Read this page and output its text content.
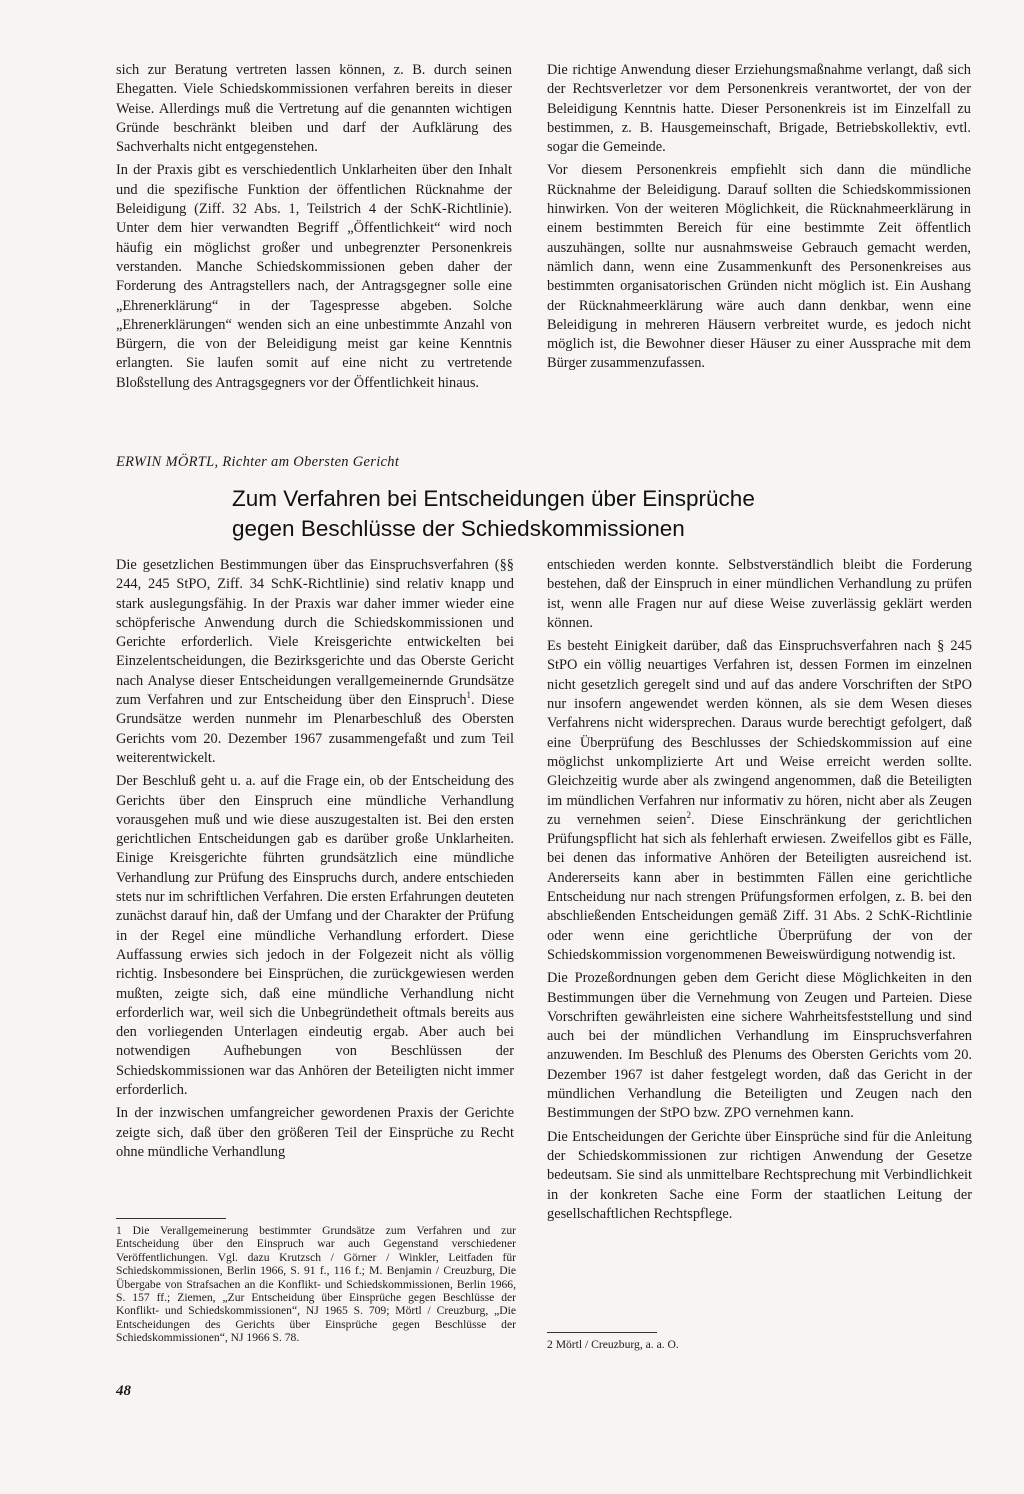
sich zur Beratung vertreten lassen können, z. B. durch seinen Ehegatten. Viele Schiedskommissionen verfahren bereits in dieser Weise. Allerdings muß die Vertretung auf die genannten wichtigen Gründe beschränkt bleiben und darf der Aufklärung des Sachverhalts nicht entgegenstehen.

In der Praxis gibt es verschiedentlich Unklarheiten über den Inhalt und die spezifische Funktion der öffentlichen Rücknahme der Beleidigung (Ziff. 32 Abs. 1, Teilstrich 4 der SchK-Richtlinie). Unter dem hier verwandten Begriff „Öffentlichkeit“ wird noch häufig ein möglichst großer und unbegrenzter Personenkreis verstanden. Manche Schiedskommissionen geben daher der Forderung des Antragstellers nach, der Antragsgegner solle eine „Ehrenerklärung“ in der Tagespresse abgeben. Solche „Ehrenerklärungen“ wenden sich an eine unbestimmte Anzahl von Bürgern, die von der Beleidigung meist gar keine Kenntnis erlangten. Sie laufen somit auf eine nicht zu vertretende Bloßstellung des Antragsgegners vor der Öffentlichkeit hinaus.

Die richtige Anwendung dieser Erziehungsmaßnahme verlangt, daß sich der Rechtsverletzer vor dem Personenkreis verantwortet, der von der Beleidigung Kenntnis hatte. Dieser Personenkreis ist im Einzelfall zu bestimmen, z. B. Hausgemeinschaft, Brigade, Betriebskollektiv, evtl. sogar die Gemeinde.

Vor diesem Personenkreis empfiehlt sich dann die mündliche Rücknahme der Beleidigung. Darauf sollten die Schiedskommissionen hinwirken. Von der weiteren Möglichkeit, die Rücknahmeerklärung in einem bestimmten Bereich für eine bestimmte Zeit öffentlich auszuhängen, sollte nur ausnahmsweise Gebrauch gemacht werden, nämlich dann, wenn eine Zusammenkunft des Personenkreises aus bestimmten organisatorischen Gründen nicht möglich ist. Ein Aushang der Rücknahmeerklärung wäre auch dann denkbar, wenn eine Beleidigung in mehreren Häusern verbreitet wurde, es jedoch nicht möglich ist, die Bewohner dieser Häuser zu einer Aussprache mit dem Bürger zusammenzufassen.

ERWIN MÖRTL, Richter am Obersten Gericht
Zum Verfahren bei Entscheidungen über Einsprüche
gegen Beschlüsse der Schiedskommissionen

Die gesetzlichen Bestimmungen über das Einspruchsverfahren (§§ 244, 245 StPO, Ziff. 34 SchK-Richtlinie) sind relativ knapp und stark auslegungsfähig. In der Praxis war daher immer wieder eine schöpferische Anwendung durch die Schiedskommissionen und Gerichte erforderlich. Viele Kreisgerichte entwickelten bei Einzelentscheidungen, die Bezirksgerichte und das Oberste Gericht nach Analyse dieser Entscheidungen verallgemeinernde Grundsätze zum Verfahren und zur Entscheidung über den Einspruch$^1$. Diese Grundsätze werden nunmehr im Plenarbeschluß des Obersten Gerichts vom 20. Dezember 1967 zusammengefaßt und zum Teil weiterentwickelt.

Der Beschluß geht u. a. auf die Frage ein, ob der Entscheidung des Gerichts über den Einspruch eine mündliche Verhandlung vorausgehen muß und wie diese auszugestalten ist. Bei den ersten gerichtlichen Entscheidungen gab es darüber große Unklarheiten. Einige Kreisgerichte führten grundsätzlich eine mündliche Verhandlung zur Prüfung des Einspruchs durch, andere entschieden stets nur im schriftlichen Verfahren. Die ersten Erfahrungen deuteten zunächst darauf hin, daß der Umfang und der Charakter der Prüfung in der Regel eine mündliche Verhandlung erfordert. Diese Auffassung erwies sich jedoch in der Folgezeit nicht als völlig richtig. Insbesondere bei Einsprüchen, die zurückgewiesen werden mußten, zeigte sich, daß eine mündliche Verhandlung nicht erforderlich war, weil sich die Unbegründetheit oftmals bereits aus den vorliegenden Unterlagen eindeutig ergab. Aber auch bei notwendigen Aufhebungen von Beschlüssen der Schiedskommissionen war das Anhören der Beteiligten nicht immer erforderlich.

In der inzwischen umfangreicher gewordenen Praxis der Gerichte zeigte sich, daß über den größeren Teil der Einsprüche zu Recht ohne mündliche Verhandlung

1 Die Verallgemeinerung bestimmter Grundsätze zum Verfahren und zur Entscheidung über den Einspruch war auch Gegenstand verschiedener Veröffentlichungen. Vgl. dazu Krutzsch / Görner / Winkler, Leitfaden für Schiedskommissionen, Berlin 1966, S. 91 f., 116 f.; M. Benjamin / Creuzburg, Die Übergabe von Strafsachen an die Konflikt- und Schiedskommissionen, Berlin 1966, S. 157 ff.; Ziemen, „Zur Entscheidung über Einsprüche gegen Beschlüsse der Konflikt- und Schiedskommissionen“, NJ 1965 S. 709; Mörtl / Creuzburg, „Die Entscheidungen des Gerichts über Einsprüche gegen Beschlüsse der Schiedskommissionen“, NJ 1966 S. 78.

entschieden werden konnte. Selbstverständlich bleibt die Forderung bestehen, daß der Einspruch in einer mündlichen Verhandlung zu prüfen ist, wenn alle Fragen nur auf diese Weise zuverlässig geklärt werden können.

Es besteht Einigkeit darüber, daß das Einspruchsverfahren nach § 245 StPO ein völlig neuartiges Verfahren ist, dessen Formen im einzelnen nicht gesetzlich geregelt sind und auf das andere Vorschriften der StPO nur insofern angewendet werden können, als sie dem Wesen dieses Verfahrens nicht widersprechen. Daraus wurde berechtigt gefolgert, daß eine Überprüfung des Beschlusses der Schiedskommission auf eine möglichst unkomplizierte Art und Weise erreicht werden sollte. Gleichzeitig wurde aber als zwingend angenommen, daß die Beteiligten im mündlichen Verfahren nur informativ zu hören, nicht aber als Zeugen zu vernehmen seien$^2$. Diese Einschränkung der gerichtlichen Prüfungspflicht hat sich als fehlerhaft erwiesen. Zweifellos gibt es Fälle, bei denen das informative Anhören der Beteiligten ausreichend ist. Andererseits kann aber in bestimmten Fällen eine gerichtliche Entscheidung nur nach strengen Prüfungsformen erfolgen, z. B. bei den abschließenden Entscheidungen gemäß Ziff. 31 Abs. 2 SchK-Richtlinie oder wenn eine gerichtliche Überprüfung der von der Schiedskommission vorgenommenen Beweiswürdigung notwendig ist.

Die Prozeßordnungen geben dem Gericht diese Möglichkeiten in den Bestimmungen über die Vernehmung von Zeugen und Parteien. Diese Vorschriften gewährleisten eine sichere Wahrheitsfeststellung und sind auch bei der mündlichen Verhandlung im Einspruchsverfahren anzuwenden. Im Beschluß des Plenums des Obersten Gerichts vom 20. Dezember 1967 ist daher festgelegt worden, daß das Gericht in der mündlichen Verhandlung die Beteiligten und Zeugen nach den Bestimmungen der StPO bzw. ZPO vernehmen kann.

Die Entscheidungen der Gerichte über Einsprüche sind für die Anleitung der Schiedskommissionen zur richtigen Anwendung der Gesetze bedeutsam. Sie sind als unmittelbare Rechtsprechung mit Verbindlichkeit in der konkreten Sache eine Form der staatlichen Leitung der gesellschaftlichen Rechtspflege.

2 Mörtl / Creuzburg, a. a. O.
48
